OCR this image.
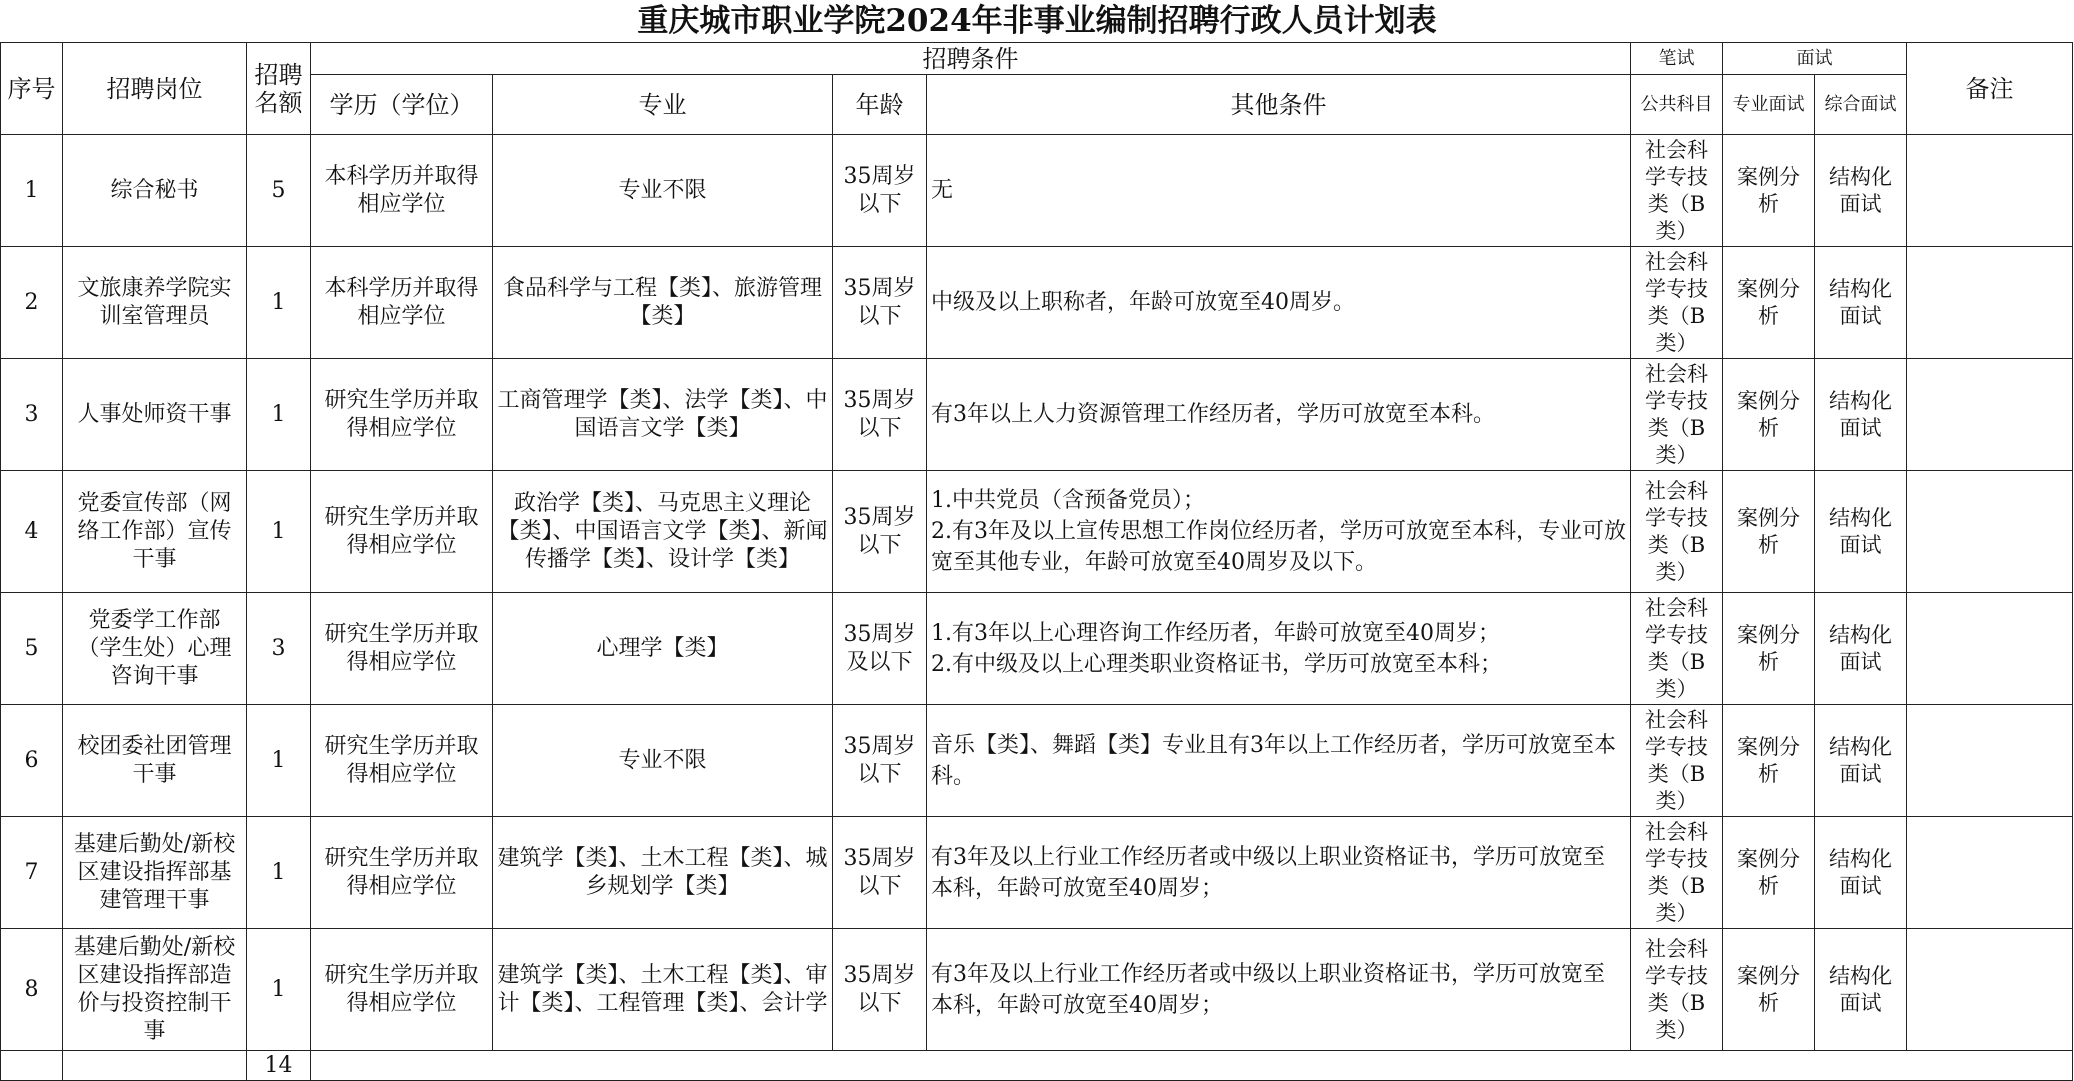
重庆城市职业学院2024年非事业编制招聘行政人员计划表
序号	招聘岗位	招聘名额	招聘条件				笔试	面试		备注
			学历（学位）	专业	年龄	其他条件	公共科目	专业面试	综合面试	
1	综合秘书	5	本科学历并取得相应学位	专业不限	35周岁以下	无	社会科学专技类（B类）	案例分析	结构化面试	
2	文旅康养学院实训室管理员	1	本科学历并取得相应学位	食品科学与工程【类】、旅游管理【类】	35周岁以下	中级及以上职称者，年龄可放宽至40周岁。	社会科学专技类（B类）	案例分析	结构化面试	
3	人事处师资干事	1	研究生学历并取得相应学位	工商管理学【类】、法学【类】、中国语言文学【类】	35周岁以下	有3年以上人力资源管理工作经历者，学历可放宽至本科。	社会科学专技类（B类）	案例分析	结构化面试	
4	党委宣传部（网络工作部）宣传干事	1	研究生学历并取得相应学位	政治学【类】、马克思主义理论【类】、中国语言文学【类】、新闻传播学【类】、设计学【类】	35周岁以下	1.中共党员（含预备党员）；
2.有3年及以上宣传思想工作岗位经历者，学历可放宽至本科，专业可放宽至其他专业，年龄可放宽至40周岁及以下。	社会科学专技类（B类）	案例分析	结构化面试	
5	党委学工作部（学生处）心理咨询干事	3	研究生学历并取得相应学位	心理学【类】	35周岁及以下	1.有3年以上心理咨询工作经历者，年龄可放宽至40周岁；
2.有中级及以上心理类职业资格证书，学历可放宽至本科；	社会科学专技类（B类）	案例分析	结构化面试	
6	校团委社团管理干事	1	研究生学历并取得相应学位	专业不限	35周岁以下	音乐【类】、舞蹈【类】专业且有3年以上工作经历者，学历可放宽至本科。	社会科学专技类（B类）	案例分析	结构化面试	
7	基建后勤处/新校区建设指挥部基建管理干事	1	研究生学历并取得相应学位	建筑学【类】、土木工程【类】、城乡规划学【类】	35周岁以下	有3年及以上行业工作经历者或中级以上职业资格证书，学历可放宽至本科，年龄可放宽至40周岁；	社会科学专技类（B类）	案例分析	结构化面试	
8	基建后勤处/新校区建设指挥部造价与投资控制干事	1	研究生学历并取得相应学位	建筑学【类】、土木工程【类】、审计【类】、工程管理【类】、会计学	35周岁以下	有3年及以上行业工作经历者或中级以上职业资格证书，学历可放宽至本科，年龄可放宽至40周岁；	社会科学专技类（B类）	案例分析	结构化面试	
		14								
